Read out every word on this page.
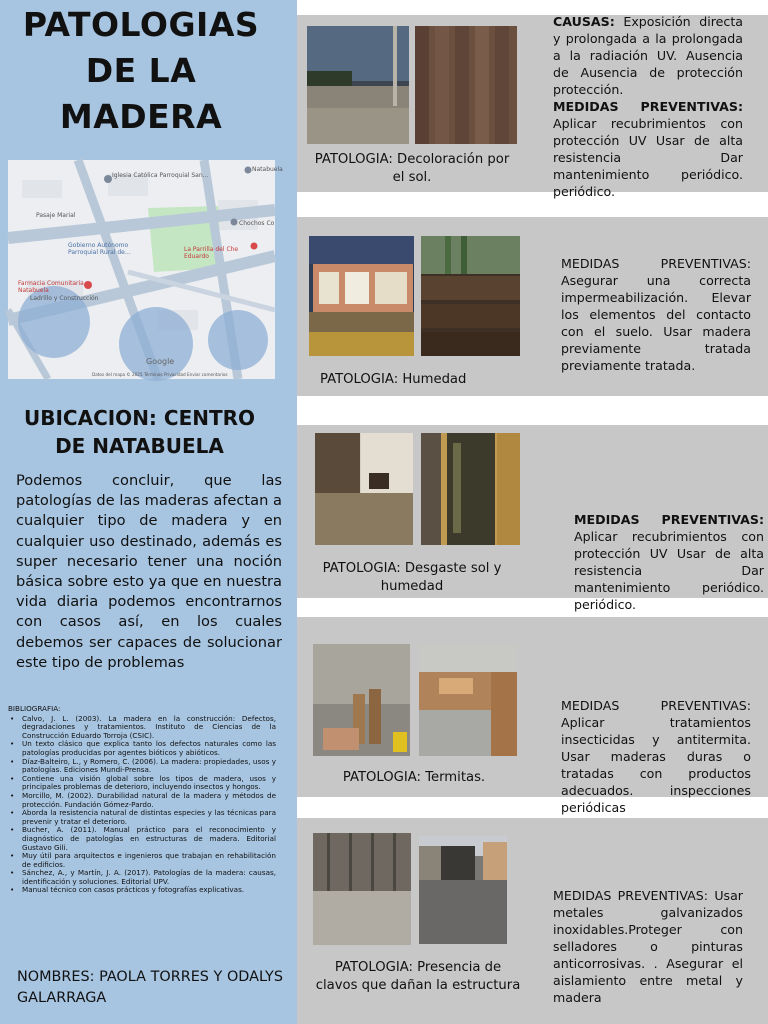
PATOLOGIAS
DE LA
MADERA
Iglesia Católica Parroquial San…
Natabuela
Pasaje Marial
Chochos Co
Gobierno Autónomo Parroquial Rural de…	La Parrilla del Che Eduardo
Farmacia Comunitaria Natabuela
Ladrillo y Construcción
Google
Datos del mapa © 2025 Términos Privacidad Enviar comentarios
UBICACION: CENTRO DE NATABUELA

Podemos concluir, que las patologías de las maderas afectan a cualquier tipo de madera y en cualquier uso destinado, además es super necesario tener una noción básica sobre esto ya que en nuestra vida diaria podemos encontrarnos con casos así, en los cuales debemos ser capaces de solucionar este tipo de problemas

BIBLIOGRAFIA:
• Calvo, J. L. (2003). La madera en la construcción: Defectos, degradaciones y tratamientos. Instituto de Ciencias de la Construcción Eduardo Torroja (CSIC).
• Un texto clásico que explica tanto los defectos naturales como las patologías producidas por agentes bióticos y abióticos.
• Díaz-Balteiro, L., y Romero, C. (2006). La madera: propiedades, usos y patologías. Ediciones Mundi-Prensa.
• Contiene una visión global sobre los tipos de madera, usos y principales problemas de deterioro, incluyendo insectos y hongos.
• Morcillo, M. (2002). Durabilidad natural de la madera y métodos de protección. Fundación Gómez-Pardo.
• Aborda la resistencia natural de distintas especies y las técnicas para prevenir y tratar el deterioro.
• Bucher, A. (2011). Manual práctico para el reconocimiento y diagnóstico de patologías en estructuras de madera. Editorial Gustavo Gili.
• Muy útil para arquitectos e ingenieros que trabajan en rehabilitación de edificios.
• Sánchez, A., y Martín, J. A. (2017). Patologías de la madera: causas, identificación y soluciones. Editorial UPV.
• Manual técnico con casos prácticos y fotografías explicativas.

NOMBRES: PAOLA TORRES Y ODALYS GALARRAGA

PATOLOGIA: Decoloración por el sol.

CAUSAS: Exposición directa y prolongada a la prolongada a la radiación UV. Ausencia de Ausencia de protección protección.

MEDIDAS PREVENTIVAS:

Aplicar recubrimientos con protección UV Usar de alta resistencia Dar mantenimiento periódico. periódico.

PATOLOGIA: Humedad

MEDIDAS PREVENTIVAS: Asegurar una correcta impermeabilización. Elevar los elementos del contacto con el suelo. Usar madera previamente tratada previamente tratada.

PATOLOGIA: Desgaste sol y humedad

MEDIDAS PREVENTIVAS:

Aplicar recubrimientos con protección UV Usar de alta resistencia Dar mantenimiento periódico. periódico.

PATOLOGIA: Termitas.

MEDIDAS PREVENTIVAS: Aplicar tratamientos insecticidas y antitermita. Usar maderas duras o tratadas con productos adecuados. inspecciones periódicas

PATOLOGIA: Presencia de clavos que dañan la estructura

MEDIDAS PREVENTIVAS: Usar metales galvanizados inoxidables.Proteger con selladores o pinturas anticorrosivas. . Asegurar el aislamiento entre metal y madera
